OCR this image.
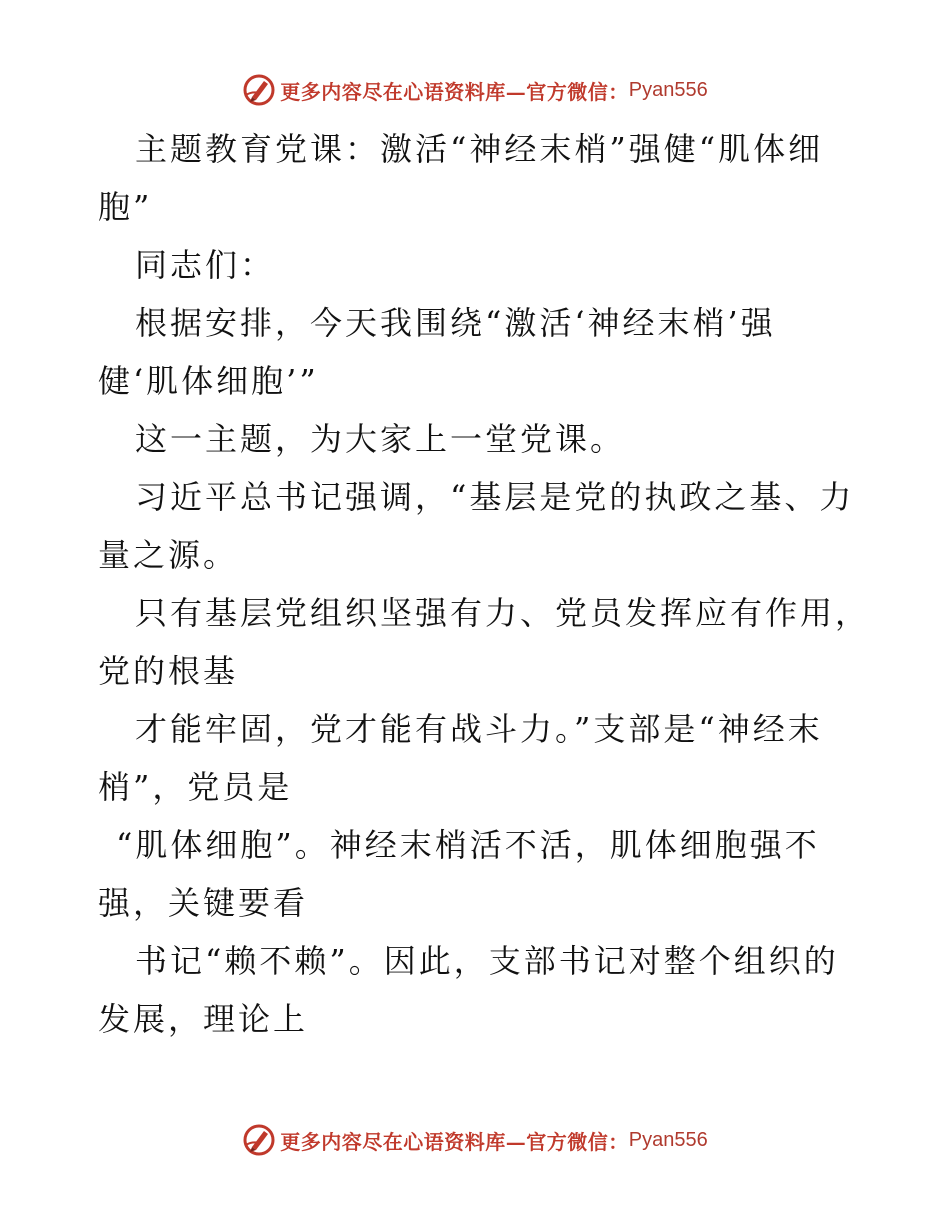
更多内容尽在心语资料库—官方微信： Pyan556
主题教育党课：激活“神经末梢”强健“肌体细
胞”
同志们：
根据安排，今天我围绕“激活‘神经末梢’强
健‘肌体细胞’”
这一主题，为大家上一堂党课。
习近平总书记强调，“基层是党的执政之基、力
量之源。
只有基层党组织坚强有力、党员发挥应有作用，
党的根基
才能牢固，党才能有战斗力。”支部是“神经末
梢”，党员是
“肌体细胞”。神经末梢活不活，肌体细胞强不
强，关键要看
书记“赖不赖”。因此，支部书记对整个组织的
发展，理论上
更多内容尽在心语资料库—官方微信： Pyan556
